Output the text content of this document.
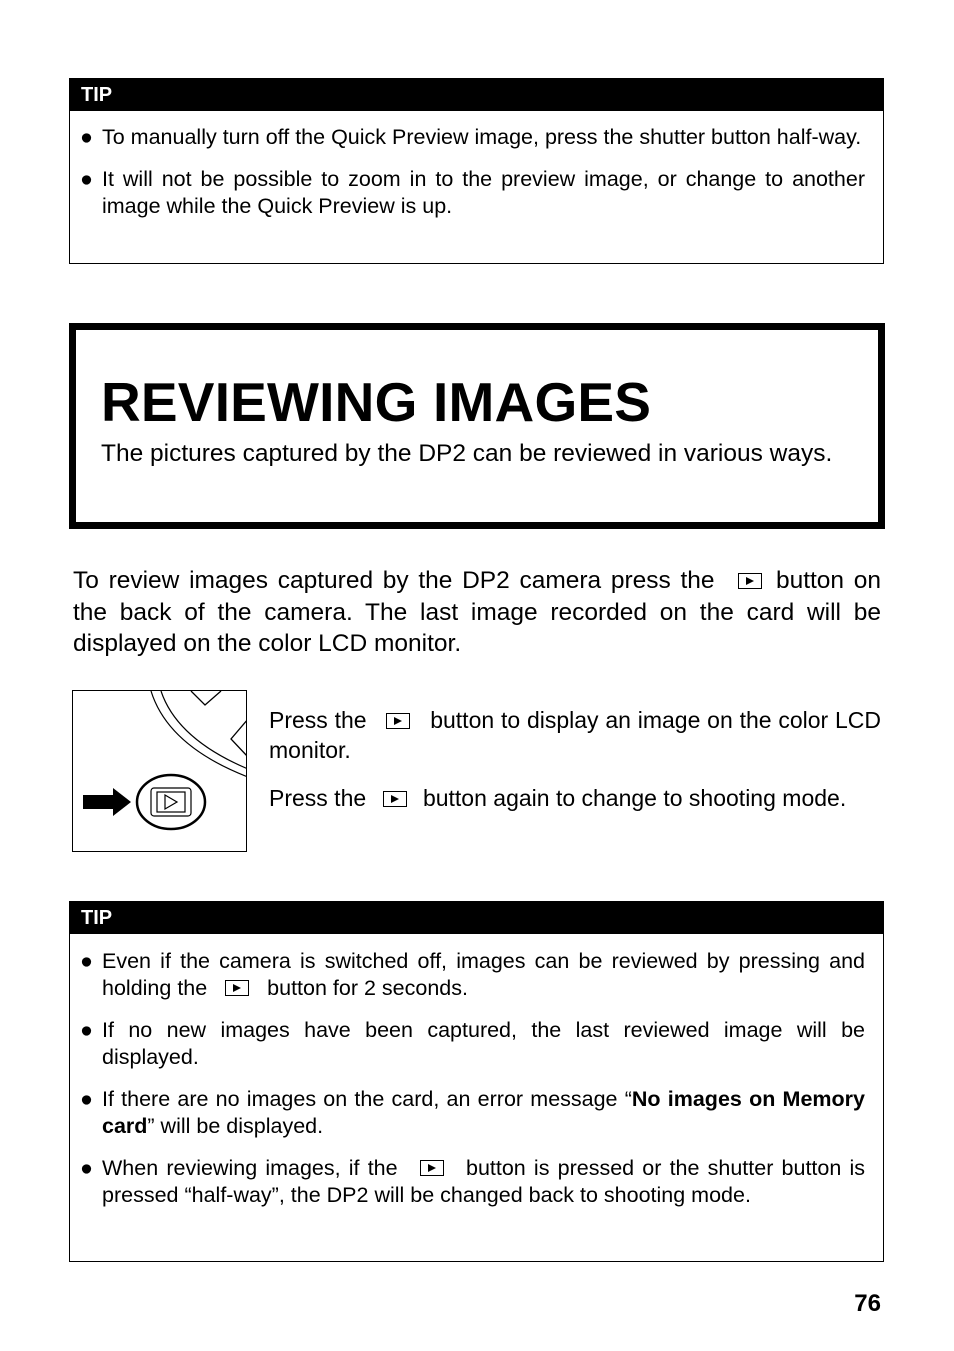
TIP
● To manually turn off the Quick Preview image, press the shutter button half-way.
● It will not be possible to zoom in to the preview image, or change to another image while the Quick Preview is up.
REVIEWING IMAGES
The pictures captured by the DP2 can be reviewed in various ways.
To review images captured by the DP2 camera press the	button on the back of the camera. The last image recorded on the card will be displayed on the color LCD monitor.

Press the	button to display an image on the color LCD monitor.

Press the button again to change to shooting mode.

TIP
● Even if the camera is switched off, images can be reviewed by pressing and holding the	button for 2 seconds.
● If no new images have been captured, the last reviewed image will be displayed.
● If there are no images on the card, an error message “No images on Memory card” will be displayed.
● When reviewing images, if the	button is pressed or the shutter button is pressed “half-way”, the DP2 will be changed back to shooting mode.
76
